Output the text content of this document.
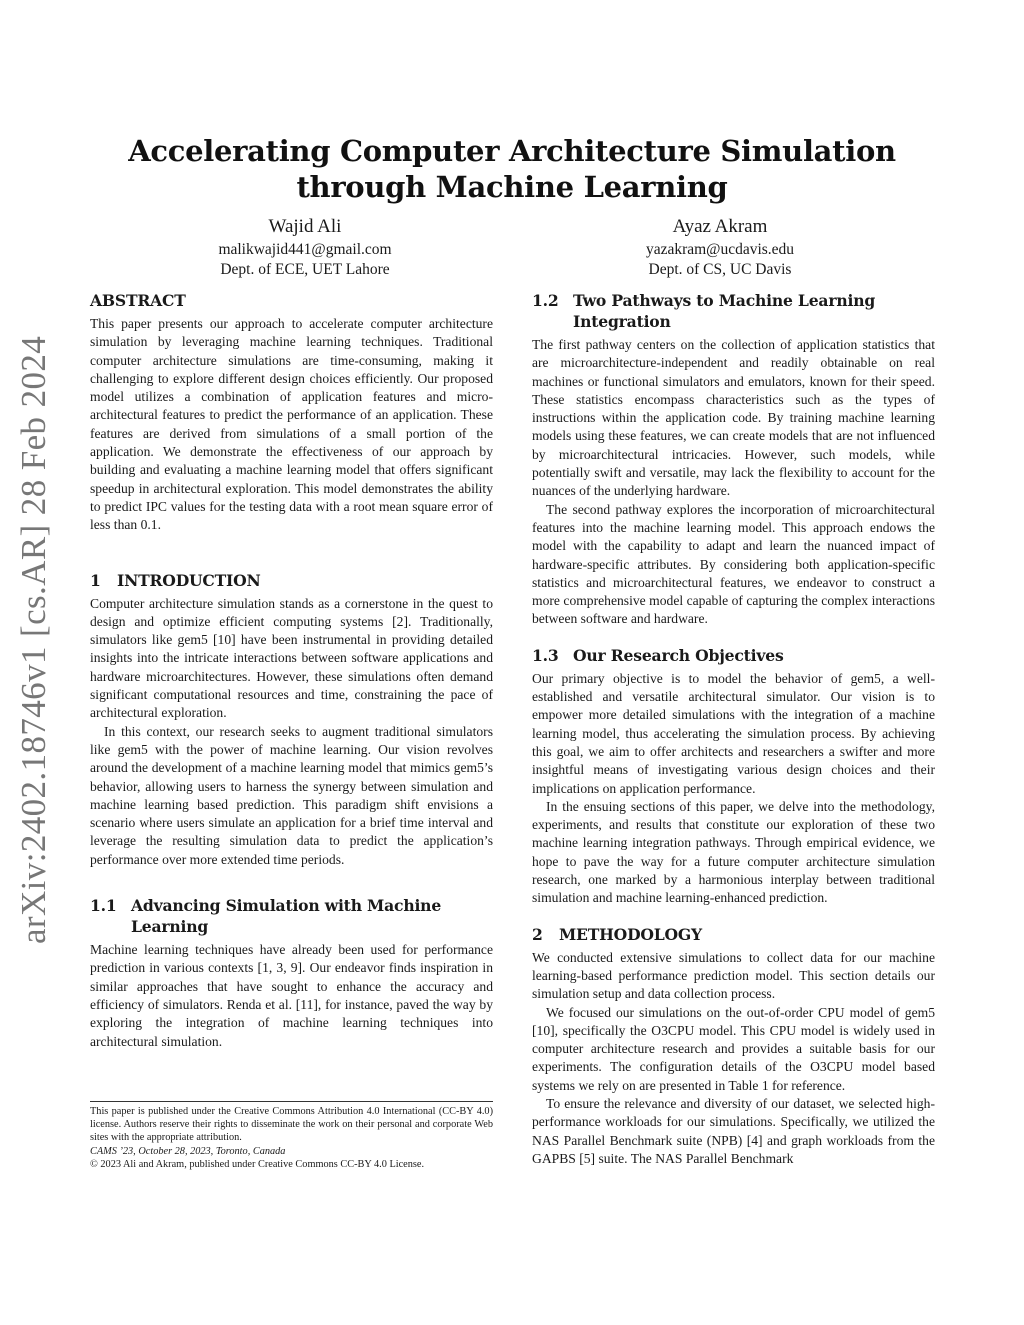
arXiv:2402.18746v1 [cs.AR] 28 Feb 2024
Accelerating Computer Architecture Simulation through Machine Learning
Wajid Ali
malikwajid441@gmail.com
Dept. of ECE, UET Lahore
Ayaz Akram
yazakram@ucdavis.edu
Dept. of CS, UC Davis
ABSTRACT

This paper presents our approach to accelerate computer architecture simulation by leveraging machine learning techniques. Traditional computer architecture simulations are time-consuming, making it challenging to explore different design choices efficiently. Our proposed model utilizes a combination of application features and micro-architectural features to predict the performance of an application. These features are derived from simulations of a small portion of the application. We demonstrate the effectiveness of our approach by building and evaluating a machine learning model that offers significant speedup in architectural exploration. This model demonstrates the ability to predict IPC values for the testing data with a root mean square error of less than 0.1.

1	INTRODUCTION

Computer architecture simulation stands as a cornerstone in the quest to design and optimize efficient computing systems [2]. Traditionally, simulators like gem5 [10] have been instrumental in providing detailed insights into the intricate interactions between software applications and hardware microarchitectures. However, these simulations often demand significant computational resources and time, constraining the pace of architectural exploration.

In this context, our research seeks to augment traditional simulators like gem5 with the power of machine learning. Our vision revolves around the development of a machine learning model that mimics gem5’s behavior, allowing users to harness the synergy between simulation and machine learning based prediction. This paradigm shift envisions a scenario where users simulate an application for a brief time interval and leverage the resulting simulation data to predict the application’s performance over more extended time periods.

1.1 Advancing Simulation with Machine Learning

Machine learning techniques have already been used for performance prediction in various contexts [1, 3, 9]. Our endeavor finds inspiration in similar approaches that have sought to enhance the accuracy and efficiency of simulators. Renda et al. [11], for instance, paved the way by exploring the integration of machine learning techniques into architectural simulation.

1.2 Two Pathways to Machine Learning Integration

The first pathway centers on the collection of application statistics that are microarchitecture-independent and readily obtainable on real machines or functional simulators and emulators, known for their speed. These statistics encompass characteristics such as the types of instructions within the application code. By training machine learning models using these features, we can create models that are not influenced by microarchitectural intricacies. However, such models, while potentially swift and versatile, may lack the flexibility to account for the nuances of the underlying hardware.

The second pathway explores the incorporation of microarchitectural features into the machine learning model. This approach endows the model with the capability to adapt and learn the nuanced impact of hardware-specific attributes. By considering both application-specific statistics and microarchitectural features, we endeavor to construct a more comprehensive model capable of capturing the complex interactions between software and hardware.

1.3 Our Research Objectives

Our primary objective is to model the behavior of gem5, a well-established and versatile architectural simulator. Our vision is to empower more detailed simulations with the integration of a machine learning model, thus accelerating the simulation process. By achieving this goal, we aim to offer architects and researchers a swifter and more insightful means of investigating various design choices and their implications on application performance.

In the ensuing sections of this paper, we delve into the methodology, experiments, and results that constitute our exploration of these two machine learning integration pathways. Through empirical evidence, we hope to pave the way for a future computer architecture simulation research, one marked by a harmonious interplay between traditional simulation and machine learning-enhanced prediction.

2	METHODOLOGY

We conducted extensive simulations to collect data for our machine learning-based performance prediction model. This section details our simulation setup and data collection process.

We focused our simulations on the out-of-order CPU model of gem5 [10], specifically the O3CPU model. This CPU model is widely used in computer architecture research and provides a suitable basis for our experiments. The configuration details of the O3CPU model based systems we rely on are presented in Table 1 for reference.

To ensure the relevance and diversity of our dataset, we selected high-performance workloads for our simulations. Specifically, we utilized the NAS Parallel Benchmark suite (NPB) [4] and graph workloads from the GAPBS [5] suite. The NAS Parallel Benchmark

This paper is published under the Creative Commons Attribution 4.0 International (CC-BY 4.0) license. Authors reserve their rights to disseminate the work on their personal and corporate Web sites with the appropriate attribution.

CAMS ’23, October 28, 2023, Toronto, Canada
© 2023 Ali and Akram, published under Creative Commons CC-BY 4.0 License.
